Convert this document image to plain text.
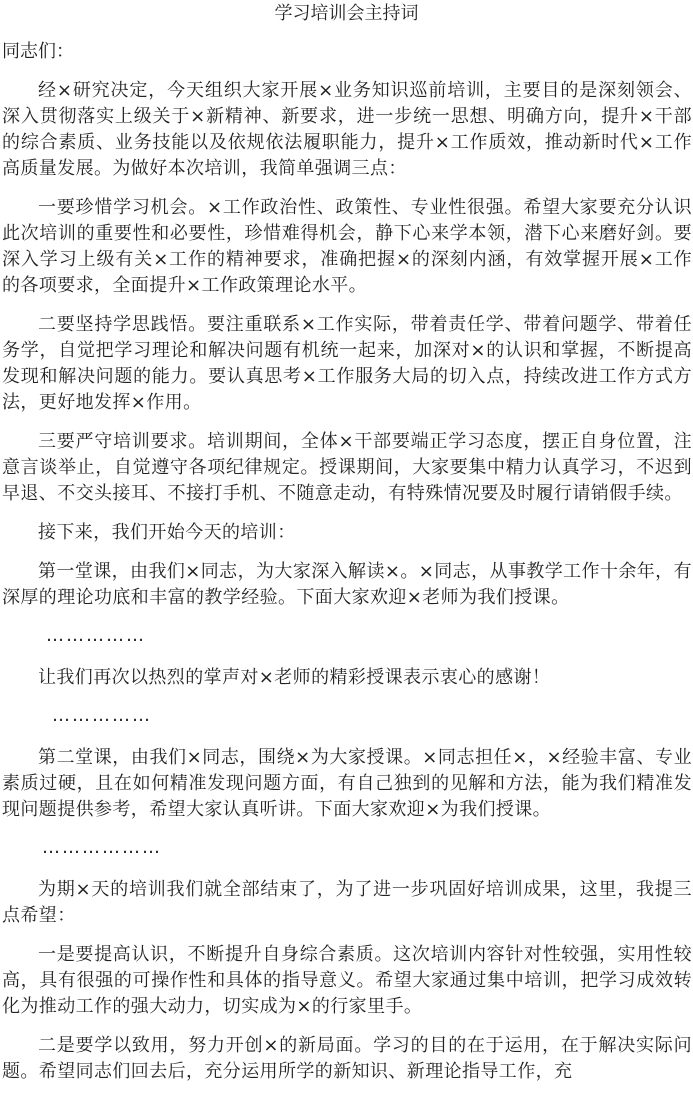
学习培训会主持词
同志们：

经×研究决定，今天组织大家开展×业务知识巡前培训，主要目的是深刻领会、深入贯彻落实上级关于×新精神、新要求，进一步统一思想、明确方向，提升×干部的综合素质、业务技能以及依规依法履职能力，提升×工作质效，推动新时代×工作高质量发展。为做好本次培训，我简单强调三点：

一要珍惜学习机会。×工作政治性、政策性、专业性很强。希望大家要充分认识此次培训的重要性和必要性，珍惜难得机会，静下心来学本领，潜下心来磨好剑。要深入学习上级有关×工作的精神要求，准确把握×的深刻内涵，有效掌握开展×工作的各项要求，全面提升×工作政策理论水平。

二要坚持学思践悟。要注重联系×工作实际，带着责任学、带着问题学、带着任务学，自觉把学习理论和解决问题有机统一起来，加深对×的认识和掌握，不断提高发现和解决问题的能力。要认真思考×工作服务大局的切入点，持续改进工作方式方法，更好地发挥×作用。

三要严守培训要求。培训期间，全体×干部要端正学习态度，摆正自身位置，注意言谈举止，自觉遵守各项纪律规定。授课期间，大家要集中精力认真学习，不迟到早退、不交头接耳、不接打手机、不随意走动，有特殊情况要及时履行请销假手续。

接下来，我们开始今天的培训：

第一堂课，由我们×同志，为大家深入解读×。×同志，从事教学工作十余年，有深厚的理论功底和丰富的教学经验。下面大家欢迎×老师为我们授课。

……………

让我们再次以热烈的掌声对×老师的精彩授课表示衷心的感谢！

……………

第二堂课，由我们×同志，围绕×为大家授课。×同志担任×，×经验丰富、专业素质过硬，且在如何精准发现问题方面，有自己独到的见解和方法，能为我们精准发现问题提供参考，希望大家认真听讲。下面大家欢迎×为我们授课。

………………

为期×天的培训我们就全部结束了，为了进一步巩固好培训成果，这里，我提三点希望：

一是要提高认识，不断提升自身综合素质。这次培训内容针对性较强，实用性较高，具有很强的可操作性和具体的指导意义。希望大家通过集中培训，把学习成效转化为推动工作的强大动力，切实成为×的行家里手。

二是要学以致用，努力开创×的新局面。学习的目的在于运用，在于解决实际问题。希望同志们回去后，充分运用所学的新知识、新理论指导工作，充
